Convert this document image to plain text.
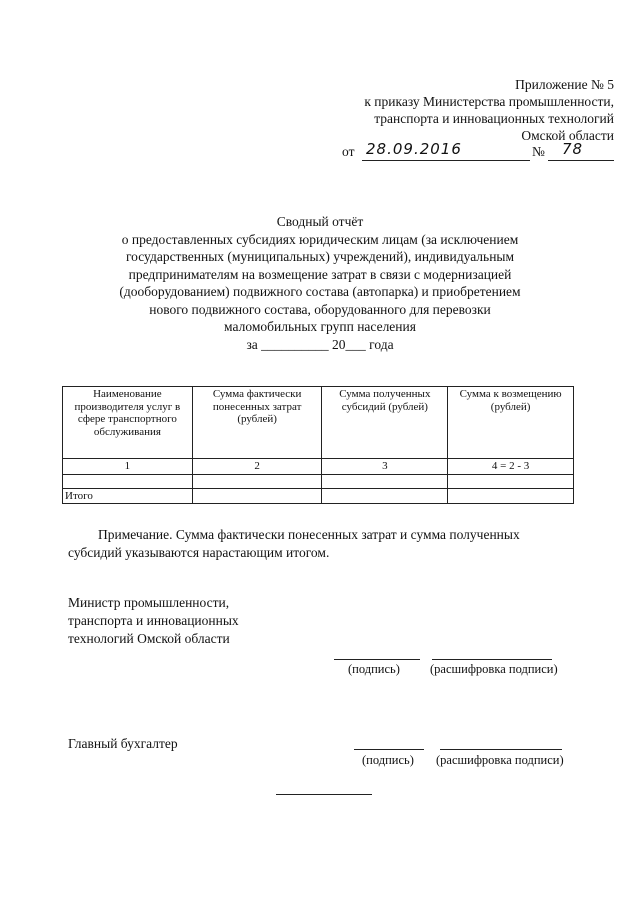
Приложение № 5
к приказу Министерства промышленности,
транспорта и инновационных технологий
Омской области
от 28.09.2016	№ 78
Сводный отчёт
о предоставленных субсидиях юридическим лицам (за исключением
государственных (муниципальных) учреждений), индивидуальным
предпринимателям на возмещение затрат в связи с модернизацией
(дооборудованием) подвижного состава (автопарка) и приобретением
нового подвижного состава, оборудованного для перевозки
маломобильных групп населения
за __________ 20___ года
Наименование производителя услуг в сфере транспортного обслуживания	Сумма фактически понесенных затрат (рублей)	Сумма полученных субсидий (рублей)	Сумма к возмещению (рублей)
1	2	3	4 = 2 - 3

Итого			
Примечание. Сумма фактически понесенных затрат и сумма полученных
субсидий указываются нарастающим итогом.
Министр промышленности,
транспорта и инновационных
технологий Омской области
(подпись) (расшифровка подписи)
Главный бухгалтер
(подпись) (расшифровка подписи)
